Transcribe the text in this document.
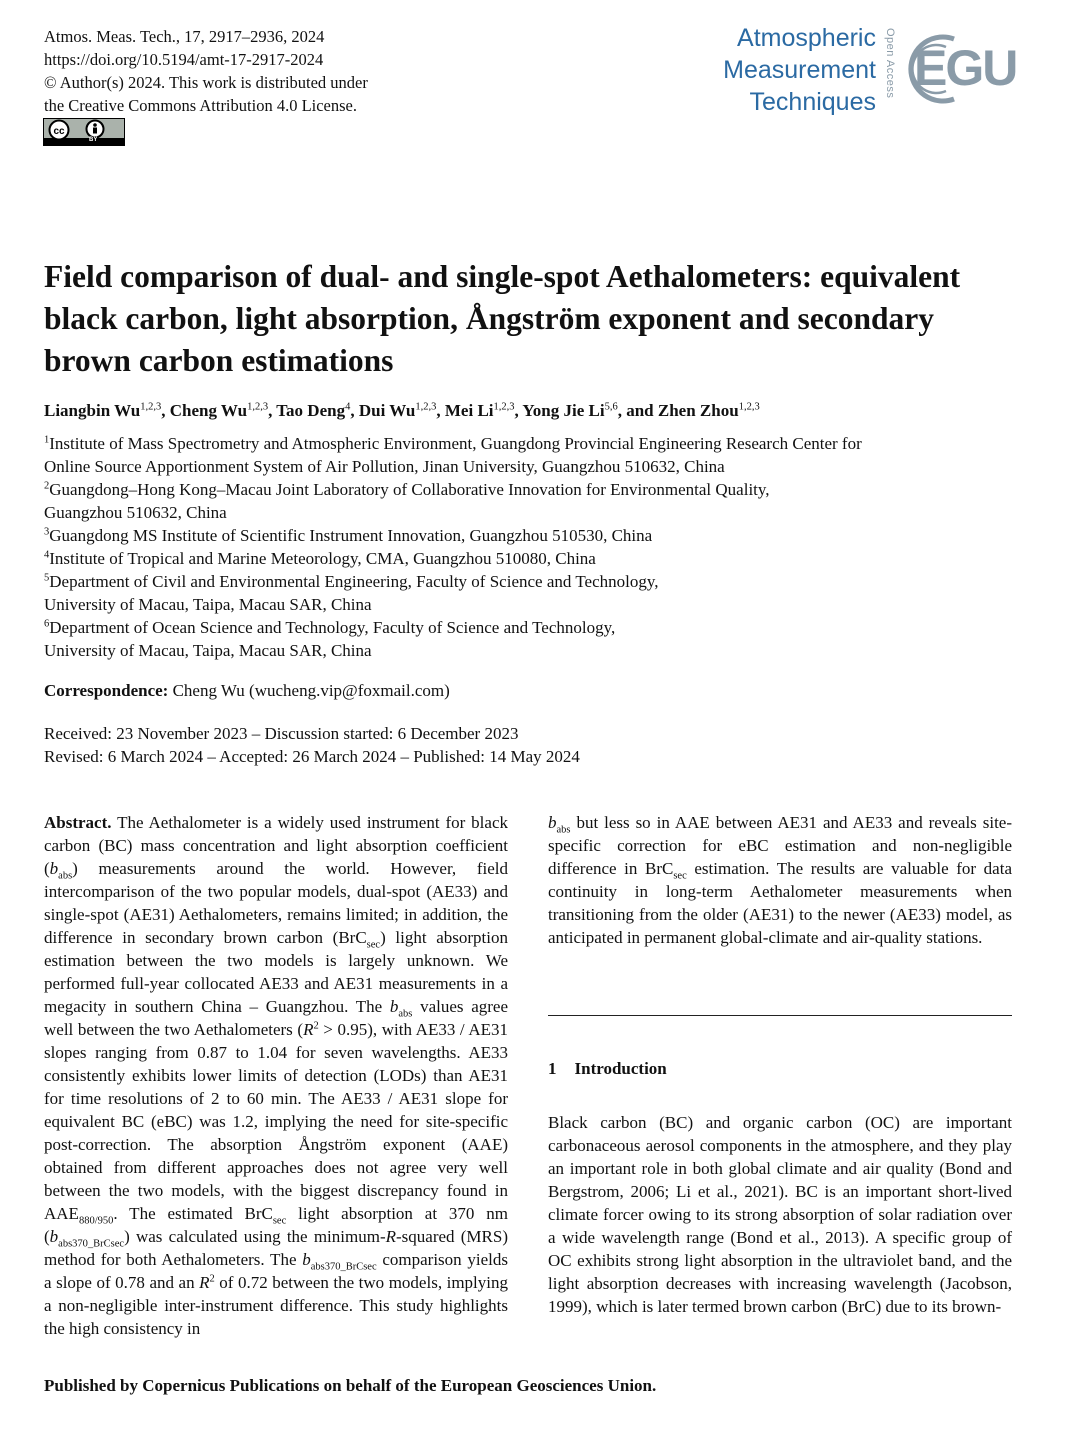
Atmos. Meas. Tech., 17, 2917–2936, 2024
https://doi.org/10.5194/amt-17-2917-2024
© Author(s) 2024. This work is distributed under
the Creative Commons Attribution 4.0 License.
cc
BY
Atmospheric
Measurement
Techniques
Open Access EGU
Field comparison of dual- and single-spot Aethalometers: equivalent
black carbon, light absorption, Ångström exponent and secondary
brown carbon estimations
Liangbin Wu$^{1,2,3}$, Cheng Wu$^{1,2,3}$, Tao Deng$^4$, Dui Wu$^{1,2,3}$, Mei Li$^{1,2,3}$, Yong Jie Li$^{5,6}$, and Zhen Zhou$^{1,2,3}$
$^1$Institute of Mass Spectrometry and Atmospheric Environment, Guangdong Provincial Engineering Research Center for
Online Source Apportionment System of Air Pollution, Jinan University, Guangzhou 510632, China
$^2$Guangdong–Hong Kong–Macau Joint Laboratory of Collaborative Innovation for Environmental Quality,
Guangzhou 510632, China
$^3$Guangdong MS Institute of Scientific Instrument Innovation, Guangzhou 510530, China
$^4$Institute of Tropical and Marine Meteorology, CMA, Guangzhou 510080, China
$^5$Department of Civil and Environmental Engineering, Faculty of Science and Technology,
University of Macau, Taipa, Macau SAR, China
$^6$Department of Ocean Science and Technology, Faculty of Science and Technology,
University of Macau, Taipa, Macau SAR, China
Correspondence: Cheng Wu (wucheng.vip@foxmail.com)
Received: 23 November 2023 – Discussion started: 6 December 2023
Revised: 6 March 2024 – Accepted: 26 March 2024 – Published: 14 May 2024

Abstract. The Aethalometer is a widely used instrument for black carbon (BC) mass concentration and light absorption coefficient $(b_{abs})$ measurements around the world. However, field intercomparison of the two popular models, dual-spot (AE33) and single-spot (AE31) Aethalometers, remains limited; in addition, the difference in secondary brown carbon (BrC$_{sec}$) light absorption estimation between the two models is largely unknown. We performed full-year collocated AE33 and AE31 measurements in a megacity in southern China – Guangzhou. The $b_{abs}$ values agree well between the two Aethalometers $(R^2 > 0.95)$, with AE33 / AE31 slopes ranging from 0.87 to 1.04 for seven wavelengths. AE33 consistently exhibits lower limits of detection (LODs) than AE31 for time resolutions of 2 to 60 min. The AE33 / AE31 slope for equivalent BC (eBC) was 1.2, implying the need for site-specific post-correction. The absorption Ångström exponent (AAE) obtained from different approaches does not agree very well between the two models, with the biggest discrepancy found in $AAE_{880/950}$. The estimated BrC$_{sec}$ light absorption at 370 nm $(b_{abs370\_BrCsec})$ was calculated using the minimum-R-squared (MRS) method for both Aethalometers. The $b_{abs370\_BrCsec}$ comparison yields a slope of 0.78 and an $R^2$ of 0.72 between the two models, implying a non-negligible inter-instrument difference. This study highlights the high consistency in

$b_{abs}$ but less so in AAE between AE31 and AE33 and reveals site-specific correction for eBC estimation and non-negligible difference in BrC$_{sec}$ estimation. The results are valuable for data continuity in long-term Aethalometer measurements when transitioning from the older (AE31) to the newer (AE33) model, as anticipated in permanent global-climate and air-quality stations.

1 Introduction

Black carbon (BC) and organic carbon (OC) are important carbonaceous aerosol components in the atmosphere, and they play an important role in both global climate and air quality (Bond and Bergstrom, 2006; Li et al., 2021). BC is an important short-lived climate forcer owing to its strong absorption of solar radiation over a wide wavelength range (Bond et al., 2013). A specific group of OC exhibits strong light absorption in the ultraviolet band, and the light absorption decreases with increasing wavelength (Jacobson, 1999), which is later termed brown carbon (BrC) due to its brown-

Published by Copernicus Publications on behalf of the European Geosciences Union.
